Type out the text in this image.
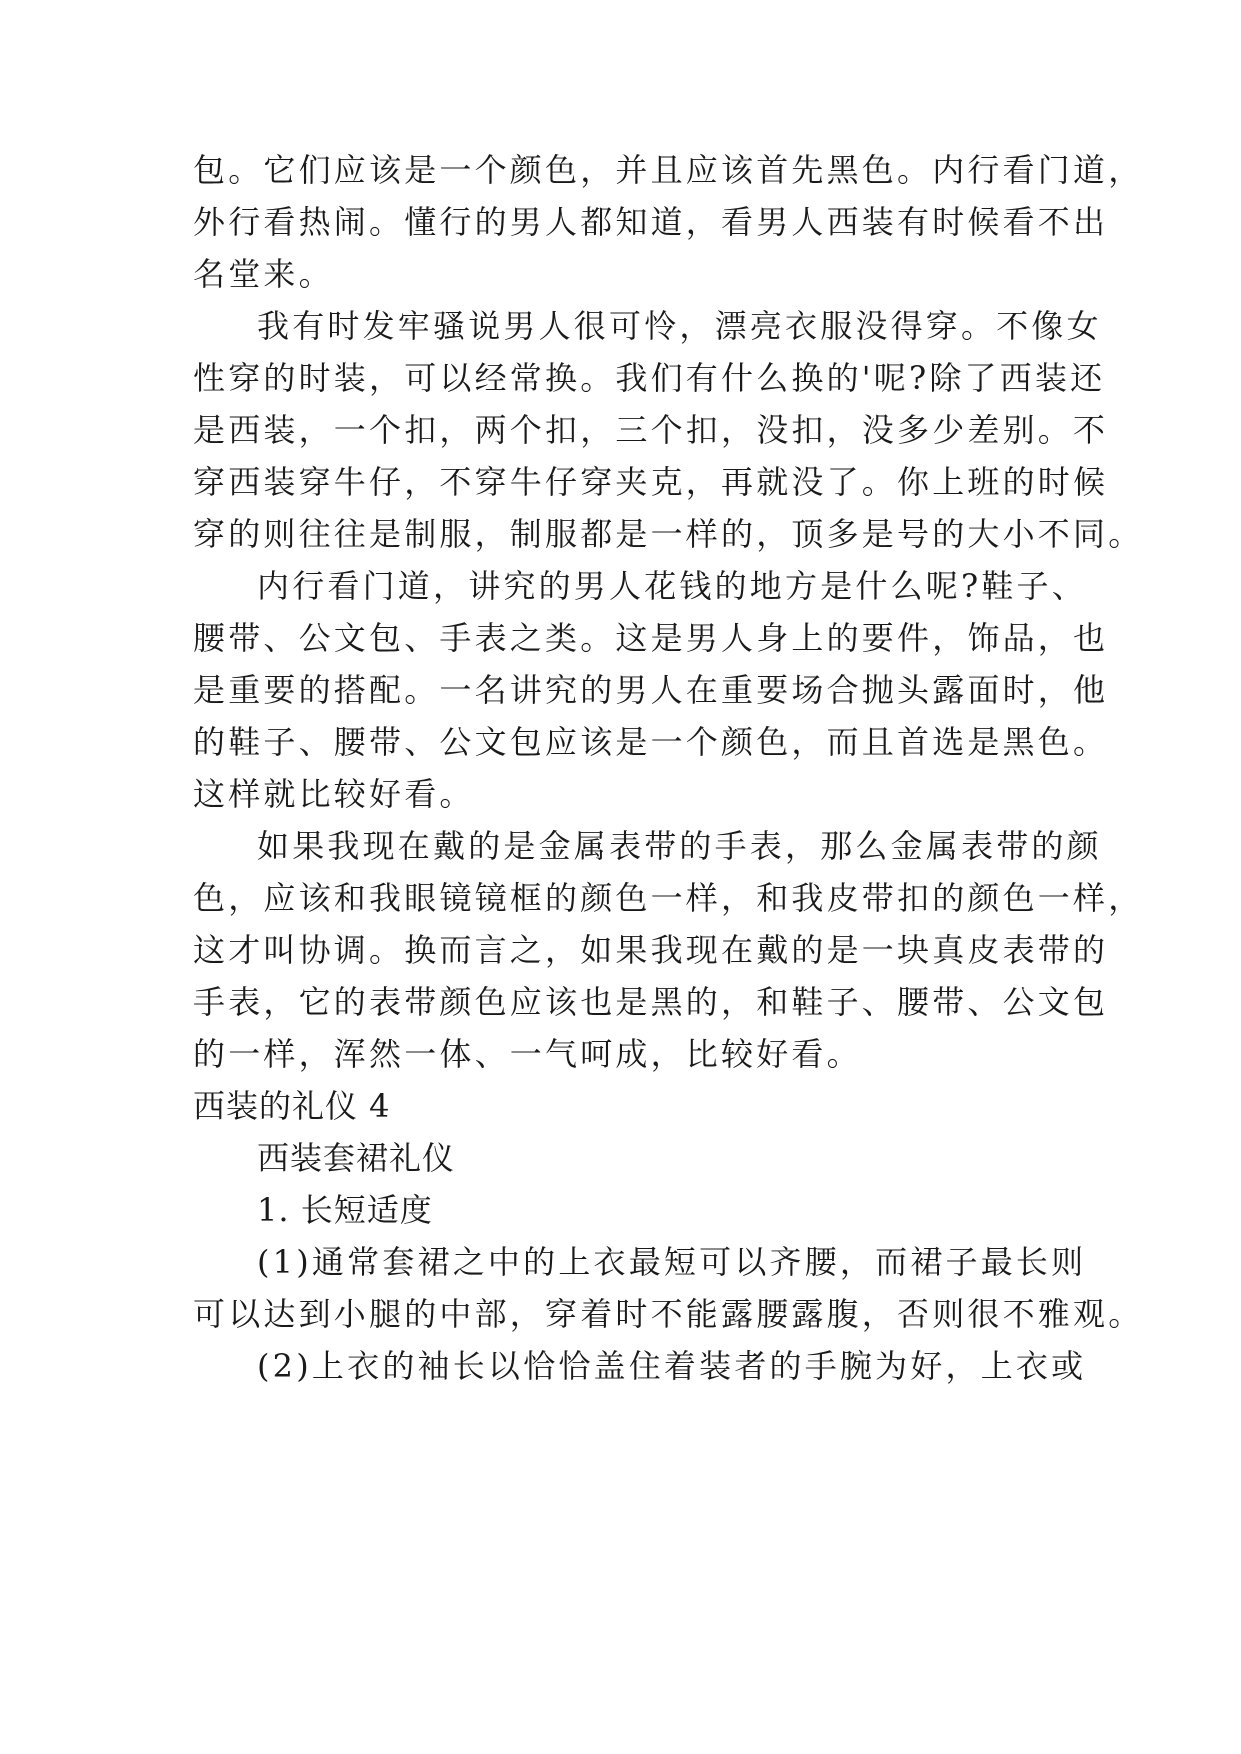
包。它们应该是一个颜色，并且应该首先黑色。内行看门道，
外行看热闹。懂行的男人都知道，看男人西装有时候看不出
名堂来。
我有时发牢骚说男人很可怜，漂亮衣服没得穿。不像女
性穿的时装，可以经常换。我们有什么换的'呢?除了西装还
是西装，一个扣，两个扣，三个扣，没扣，没多少差别。不
穿西装穿牛仔，不穿牛仔穿夹克，再就没了。你上班的时候
穿的则往往是制服，制服都是一样的，顶多是号的大小不同。
内行看门道，讲究的男人花钱的地方是什么呢?鞋子、
腰带、公文包、手表之类。这是男人身上的要件，饰品，也
是重要的搭配。一名讲究的男人在重要场合抛头露面时，他
的鞋子、腰带、公文包应该是一个颜色，而且首选是黑色。
这样就比较好看。
如果我现在戴的是金属表带的手表，那么金属表带的颜
色，应该和我眼镜镜框的颜色一样，和我皮带扣的颜色一样，
这才叫协调。换而言之，如果我现在戴的是一块真皮表带的
手表，它的表带颜色应该也是黑的，和鞋子、腰带、公文包
的一样，浑然一体、一气呵成，比较好看。
西装的礼仪 4
西装套裙礼仪
1. 长短适度
(1)通常套裙之中的上衣最短可以齐腰，而裙子最长则
可以达到小腿的中部，穿着时不能露腰露腹，否则很不雅观。
(2)上衣的袖长以恰恰盖住着装者的手腕为好，上衣或
